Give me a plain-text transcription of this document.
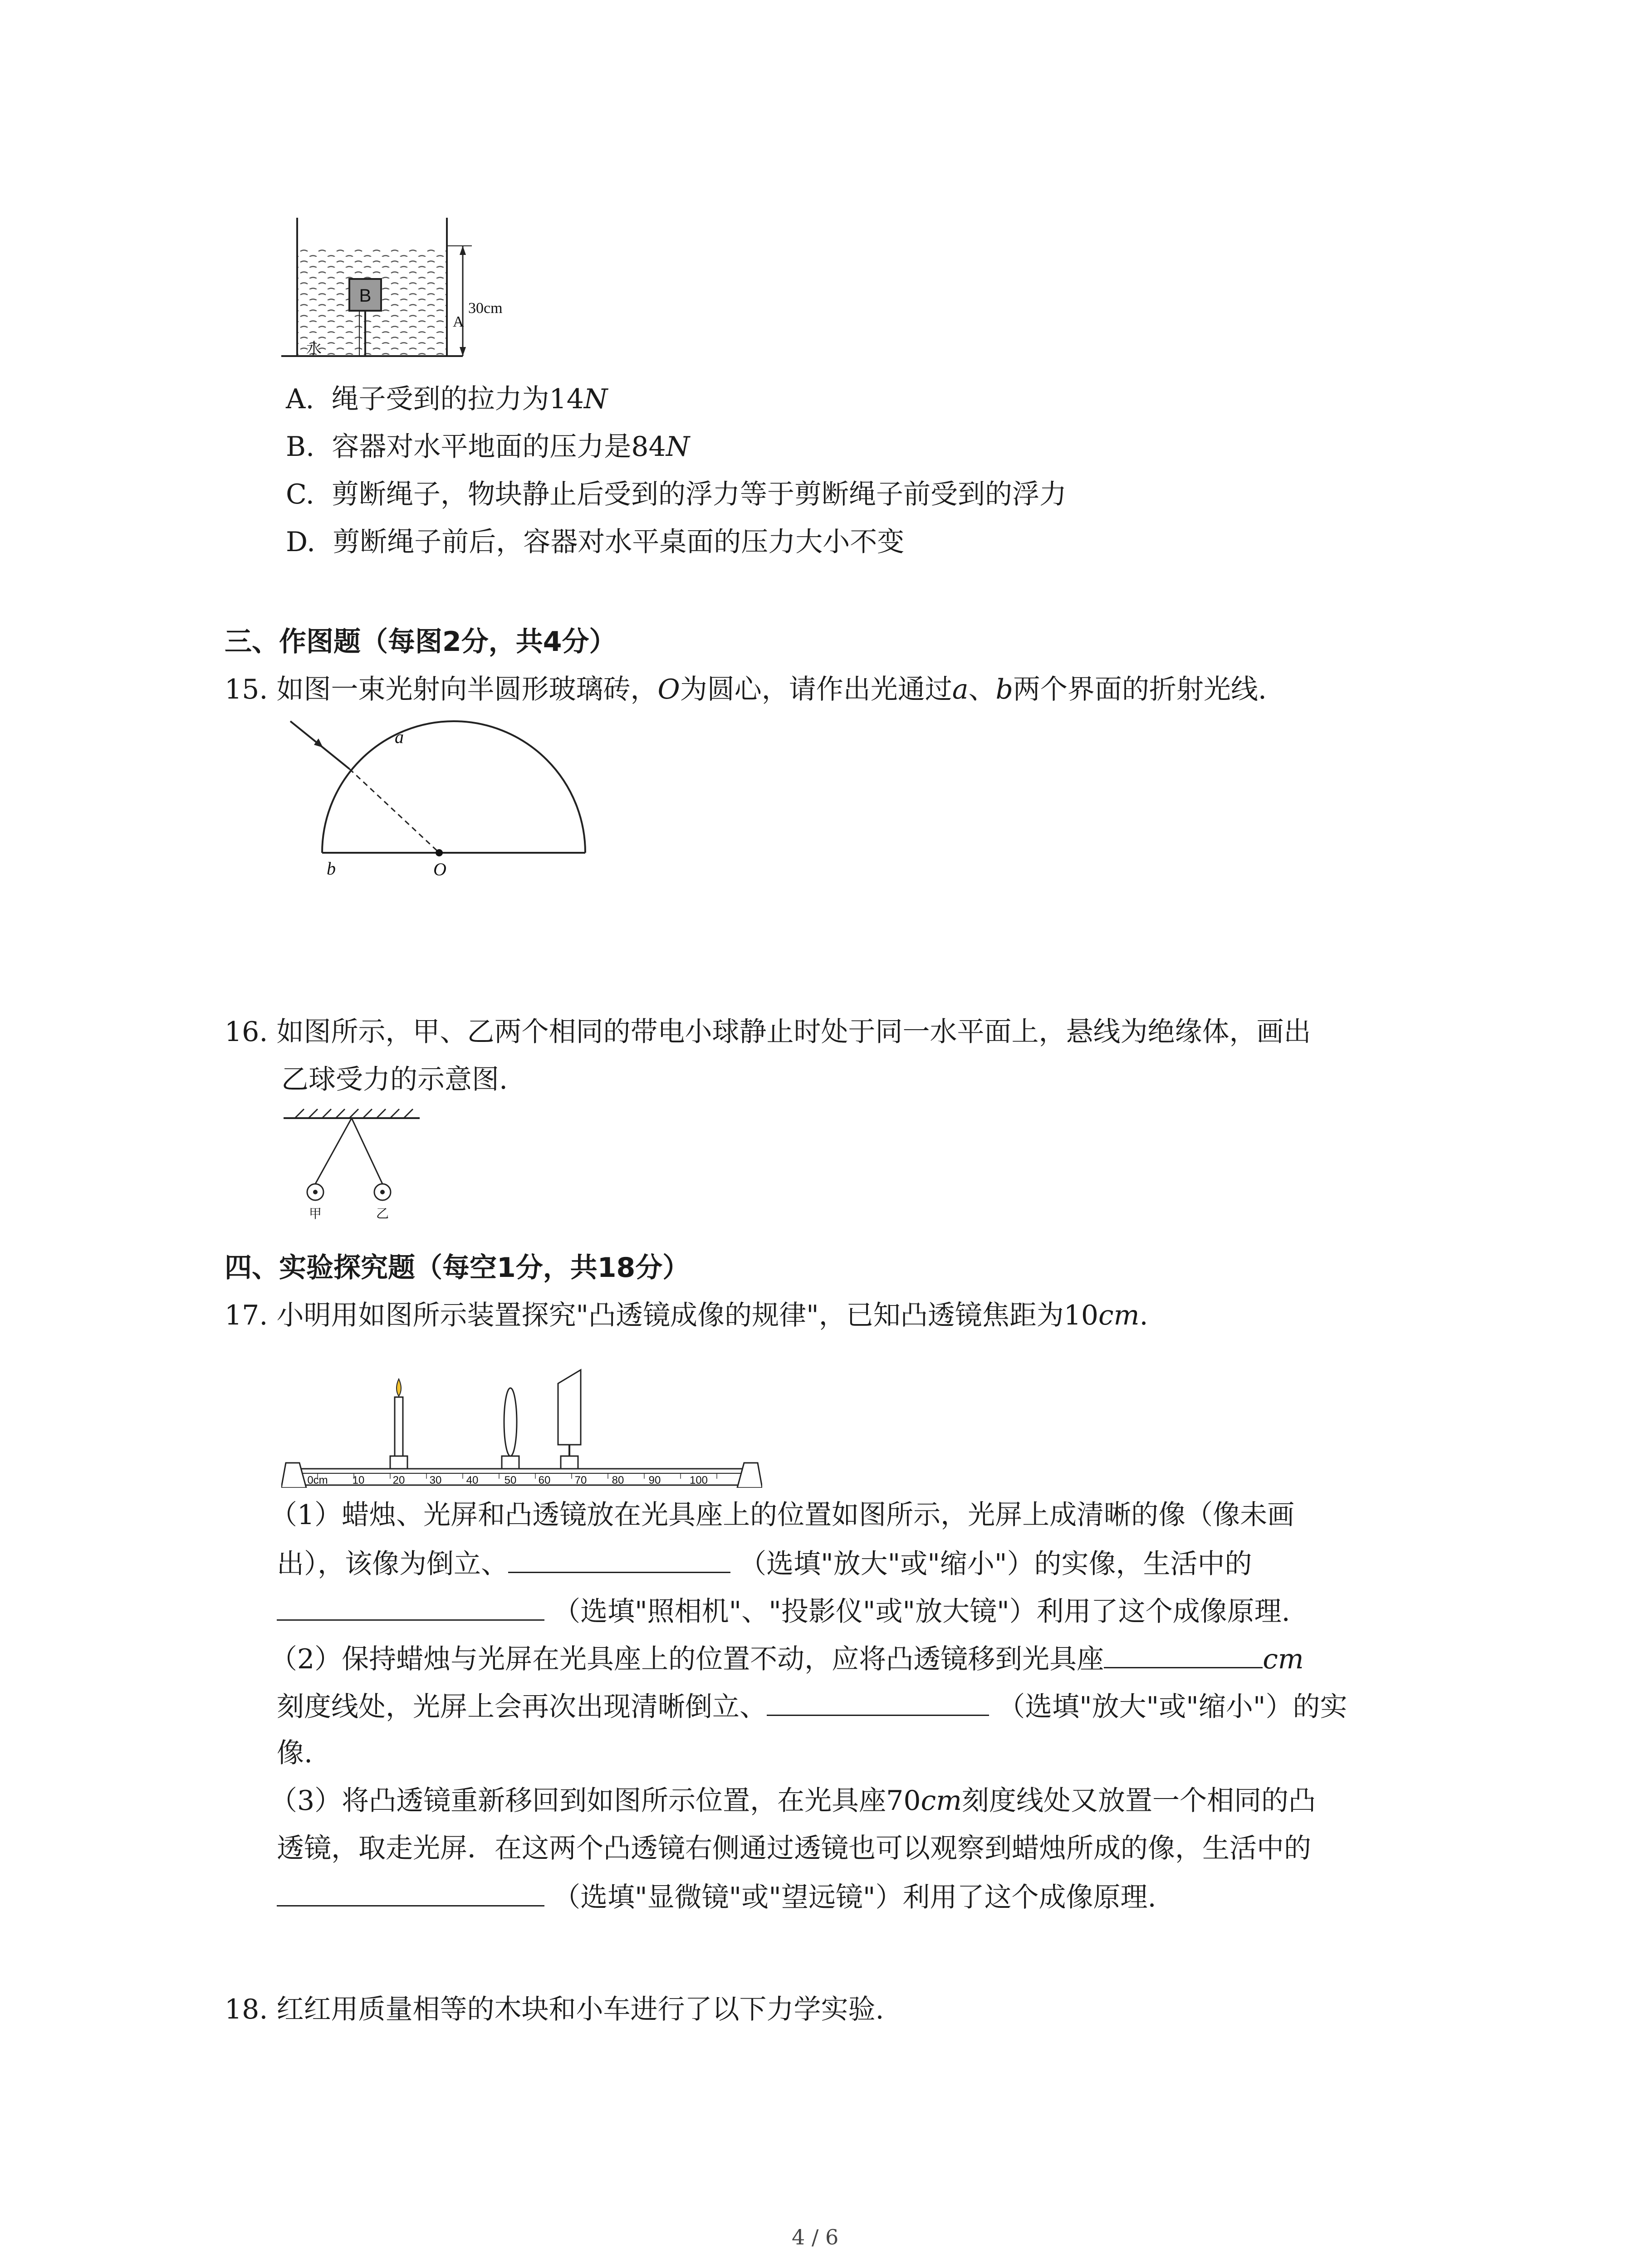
B
A
30cm
水
A. 绳子受到的拉力为14N
B. 容器对水平地面的压力是84N
C. 剪断绳子，物块静止后受到的浮力等于剪断绳子前受到的浮力
D. 剪断绳子前后，容器对水平桌面的压力大小不变
三、作图题（每图2分，共4分）
15. 如图一束光射向半圆形玻璃砖，O为圆心，请作出光通过a、b两个界面的折射光线.
a
b	O
16. 如图所示，甲、乙两个相同的带电小球静止时处于同一水平面上，悬线为绝缘体，画出
乙球受力的示意图.
甲	乙
四、实验探究题（每空1分，共18分）
17. 小明用如图所示装置探究"凸透镜成像的规律"，已知凸透镜焦距为10cm.
0cm 10	20 30 40 50 60 70 80 90	100
（1）蜡烛、光屏和凸透镜放在光具座上的位置如图所示，光屏上成清晰的像（像未画
出），该像为倒立、	（选填"放大"或"缩小"）的实像，生活中的
（选填"照相机"、"投影仪"或"放大镜"）利用了这个成像原理.
（2）保持蜡烛与光屏在光具座上的位置不动，应将凸透镜移到光具座	cm
刻度线处，光屏上会再次出现清晰倒立、	（选填"放大"或"缩小"）的实
像.
（3）将凸透镜重新移回到如图所示位置，在光具座70cm刻度线处又放置一个相同的凸
透镜，取走光屏．在这两个凸透镜右侧通过透镜也可以观察到蜡烛所成的像，生活中的
（选填"显微镜"或"望远镜"）利用了这个成像原理.
18. 红红用质量相等的木块和小车进行了以下力学实验.
4 / 6
